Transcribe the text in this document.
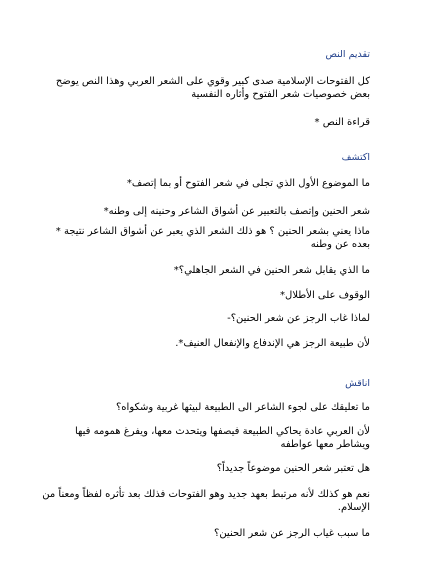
تقديم النص
كل الفتوحات الإسلامية صدى كبير وقوي على الشعر العربي وهذا النص يوضح
بعض خصوصيات شعر الفتوح وأثاره النفسية
قراءة النص *
اكتشف
ما الموضوع الأول الذي تجلى في شعر الفتوح أو بما إتصف*
شعر الحنين وإتصف بالتعبير عن أشواق الشاعر وحنينه إلى وطنه*
ماذا يعني بشعر الحنين ؟ هو ذلك الشعر الذي يعبر عن أشواق الشاعر نتيجة *
بعده عن وطنه
ما الذي يقابل شعر الحنين في الشعر الجاهلي؟*
الوقوف على الأطلال*
لماذا غاب الرجز عن شعر الحنين؟-
لأن طبيعة الرجز هي الإندفاع والإنفعال العنيف*.
اناقش
ما تعليقك على لجوء الشاعر الى الطبيعة لبيثها غربية وشكواه؟
لأن العربي عادة يحاكي الطبيعة فيصفها ويتحدث معها، ويفرغ همومه فيها
ويشاطر معها عواطفه
هل تعتبر شعر الحنين موضوعاً جديداً؟
نعم هو كذلك لأنه مرتبط بعهد جديد وهو الفتوحات فذلك بعد تأثره لفظاً ومعناً من
الإسلام.
ما سبب غياب الرجز عن شعر الحنين؟
